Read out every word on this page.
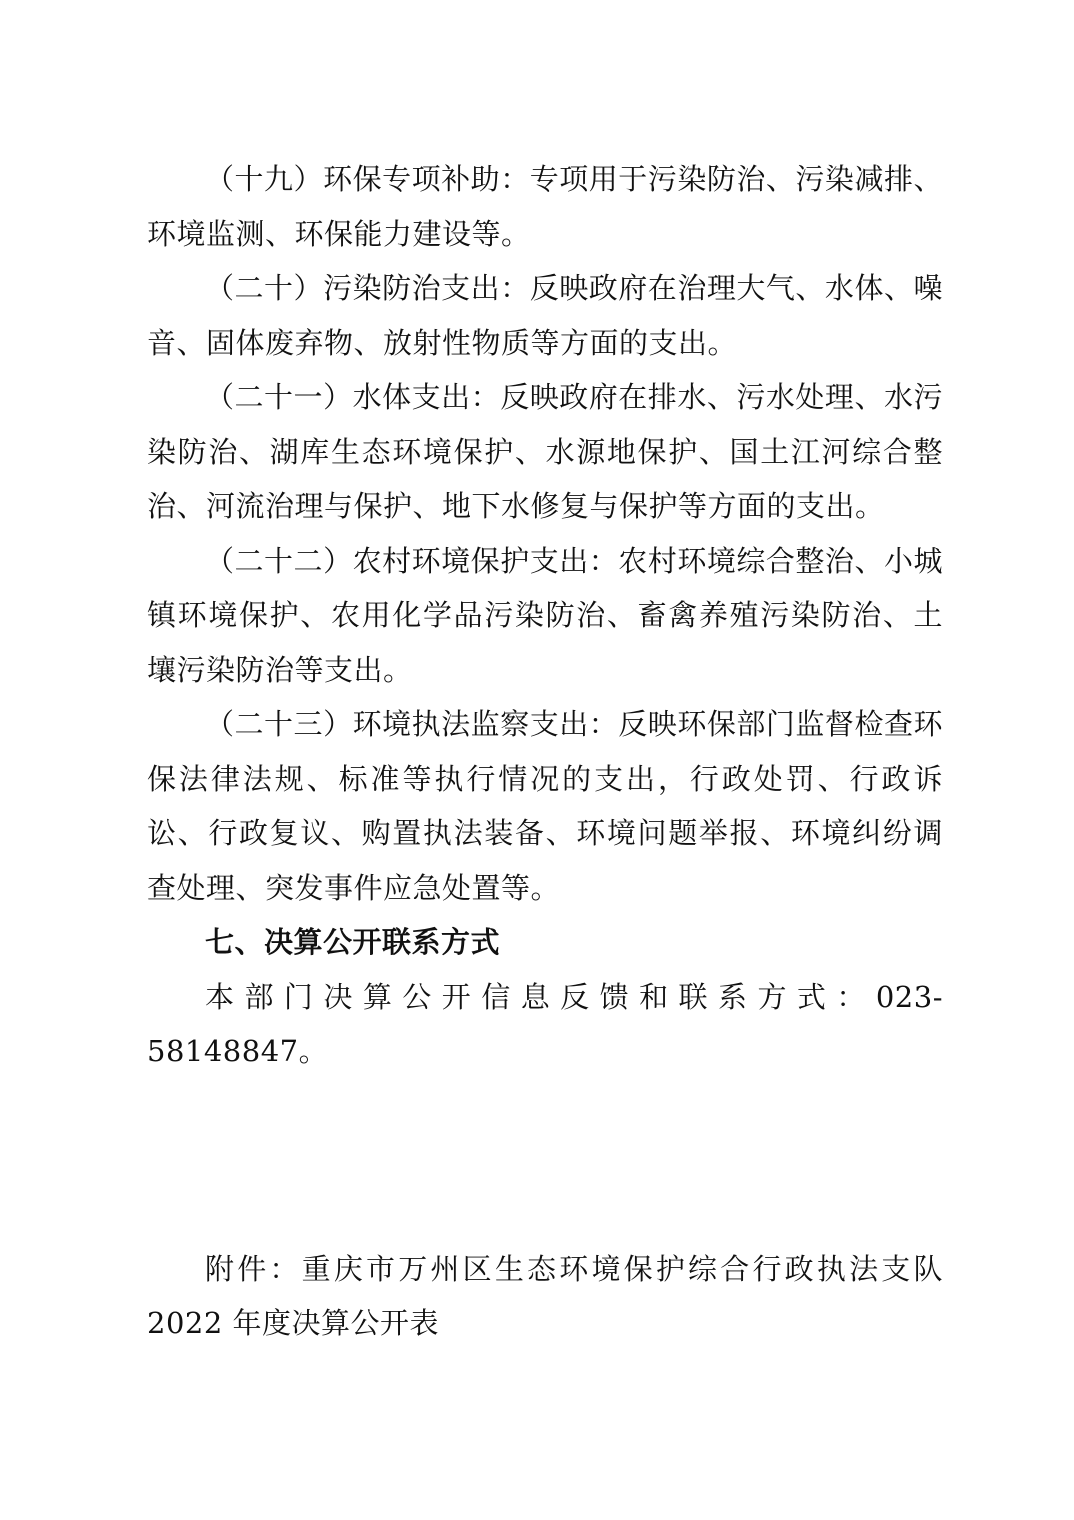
（十九）环保专项补助：专项用于污染防治、污染减排、环境监测、环保能力建设等。

（二十）污染防治支出：反映政府在治理大气、水体、噪音、固体废弃物、放射性物质等方面的支出。

（二十一）水体支出：反映政府在排水、污水处理、水污染防治、湖库生态环境保护、水源地保护、国土江河综合整治、河流治理与保护、地下水修复与保护等方面的支出。

（二十二）农村环境保护支出：农村环境综合整治、小城镇环境保护、农用化学品污染防治、畜禽养殖污染防治、土壤污染防治等支出。

（二十三）环境执法监察支出：反映环保部门监督检查环保法律法规、标准等执行情况的支出，行政处罚、行政诉讼、行政复议、购置执法装备、环境问题举报、环境纠纷调查处理、突发事件应急处置等。

七、决算公开联系方式

本部门决算公开信息反馈和联系方式：023-58148847。

附件：重庆市万州区生态环境保护综合行政执法支队 2022 年度决算公开表
